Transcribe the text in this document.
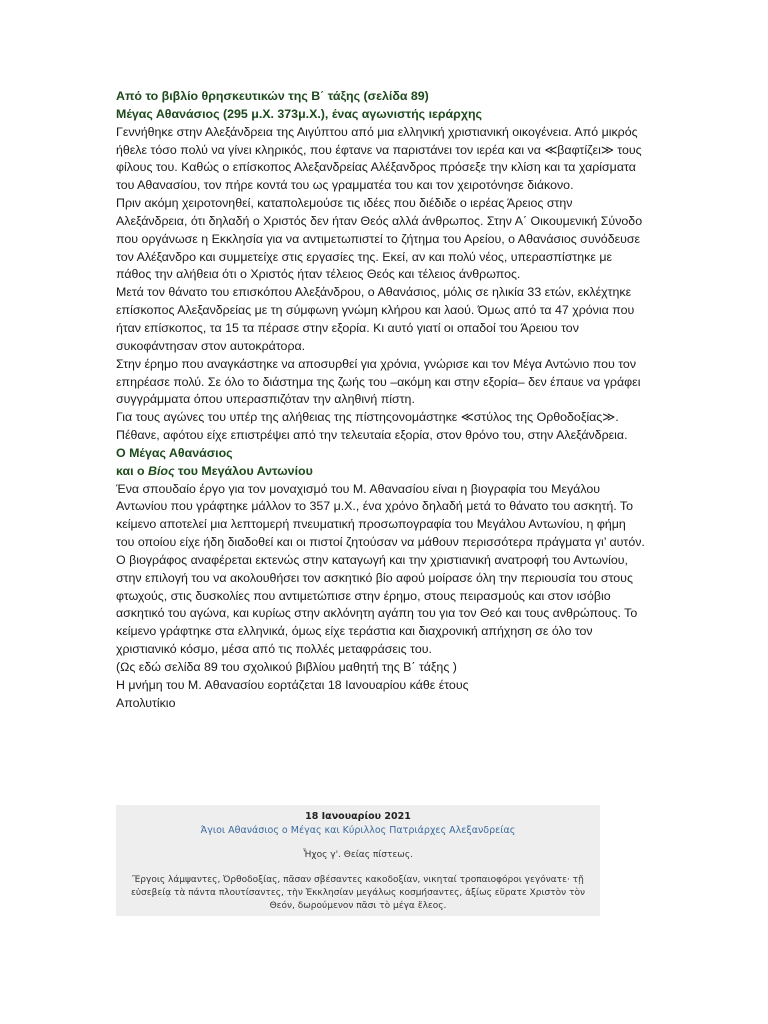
Από το βιβλίο θρησκευτικών της Β΄ τάξης (σελίδα 89)

Μέγας Αθανάσιος (295 μ.Χ. 373μ.Χ.), ένας αγωνιστής ιεράρχης

Γεννήθηκε στην Αλεξάνδρεια της Αιγύπτου από μια ελληνική χριστιανική οικογένεια. Από μικρός ήθελε τόσο πολύ να γίνει κληρικός, που έφτανε να παριστάνει τον ιερέα και να ≪βαφτίζει≫ τους φίλους του. Καθώς ο επίσκοπος Αλεξανδρείας Αλέξανδρος πρόσεξε την κλίση και τα χαρίσματα του Αθανασίου, τον πήρε κοντά του ως γραμματέα του και τον χειροτόνησε διάκονο.

Πριν ακόμη χειροτονηθεί, καταπολεμούσε τις ιδέες που διέδιδε ο ιερέας Άρειος στην Αλεξάνδρεια, ότι δηλαδή ο Χριστός δεν ήταν Θεός αλλά άνθρωπος. Στην Α΄ Οικουμενική Σύνοδο που οργάνωσε η Εκκλησία για να αντιμετωπιστεί το ζήτημα του Αρείου, ο Αθανάσιος συνόδευσε τον Αλέξανδρο και συμμετείχε στις εργασίες της. Εκεί, αν και πολύ νέος, υπερασπίστηκε με πάθος την αλήθεια ότι ο Χριστός ήταν τέλειος Θεός και τέλειος άνθρωπος.

Μετά τον θάνατο του επισκόπου Αλεξάνδρου, ο Αθανάσιος, μόλις σε ηλικία 33 ετών, εκλέχτηκε επίσκοπος Αλεξανδρείας με τη σύμφωνη γνώμη κλήρου και λαού. Όμως από τα 47 χρόνια που ήταν επίσκοπος, τα 15 τα πέρασε στην εξορία. Κι αυτό γιατί οι οπαδοί του Άρειου τον συκοφάντησαν στον αυτοκράτορα.

Στην έρημο που αναγκάστηκε να αποσυρθεί για χρόνια, γνώρισε και τον Μέγα Αντώνιο που τον επηρέασε πολύ. Σε όλο το διάστημα της ζωής του –ακόμη και στην εξορία– δεν έπαυε να γράφει συγγράμματα όπου υπερασπιζόταν την αληθινή πίστη.

Για τους αγώνες του υπέρ της αλήθειας της πίστηςονομάστηκε ≪στύλος της Ορθοδοξίας≫. Πέθανε, αφότου είχε επιστρέψει από την τελευταία εξορία, στον θρόνο του, στην Αλεξάνδρεια.

Ο Μέγας Αθανάσιος

και ο Βίος του Μεγάλου Αντωνίου

Ένα σπουδαίο έργο για τον μοναχισμό του Μ. Αθανασίου είναι η βιογραφία του Μεγάλου Αντωνίου που γράφτηκε μάλλον το 357 μ.Χ., ένα χρόνο δηλαδή μετά το θάνατο του ασκητή. Το κείμενο αποτελεί μια λεπτομερή πνευματική προσωπογραφία του Μεγάλου Αντωνίου, η φήμη του οποίου είχε ήδη διαδοθεί και οι πιστοί ζητούσαν να μάθουν περισσότερα πράγματα γι’ αυτόν. Ο βιογράφος αναφέρεται εκτενώς στην καταγωγή και την χριστιανική ανατροφή του Αντωνίου, στην επιλογή του να ακολουθήσει τον ασκητικό βίο αφού μοίρασε όλη την περιουσία του στους φτωχούς, στις δυσκολίες που αντιμετώπισε στην έρημο, στους πειρασμούς και στον ισόβιο ασκητικό του αγώνα, και κυρίως στην ακλόνητη αγάπη του για τον Θεό και τους ανθρώπους. Το κείμενο γράφτηκε στα ελληνικά, όμως είχε τεράστια και διαχρονική απήχηση σε όλο τον χριστιανικό κόσμο, μέσα από τις πολλές μεταφράσεις του.

(Ως εδώ σελίδα 89 του σχολικού βιβλίου μαθητή της Β΄ τάξης )

Η μνήμη του Μ. Αθανασίου εορτάζεται 18 Ιανουαρίου κάθε έτους

Απολυτίκιο

18 Ιανουαρίου 2021
Άγιοι Αθανάσιος ο Μέγας και Κύριλλος Πατριάρχες Αλεξανδρείας
Ἦχος γ'. Θείας πίστεως.
Ἔργοις λάμψαντες, Ὀρθοδοξίας, πᾶσαν σβέσαντες κακοδοξίαν, νικηταί τροπαιοφόροι γεγόνατε· τῇ εὐσεβείᾳ τὰ πάντα πλουτίσαντες, τὴν Ἐκκλησίαν μεγάλως κοσμήσαντες, ἀξίως εὕρατε Χριστὸν τὸν Θεόν, δωρούμενον πᾶσι τὸ μέγα ἔλεος.
